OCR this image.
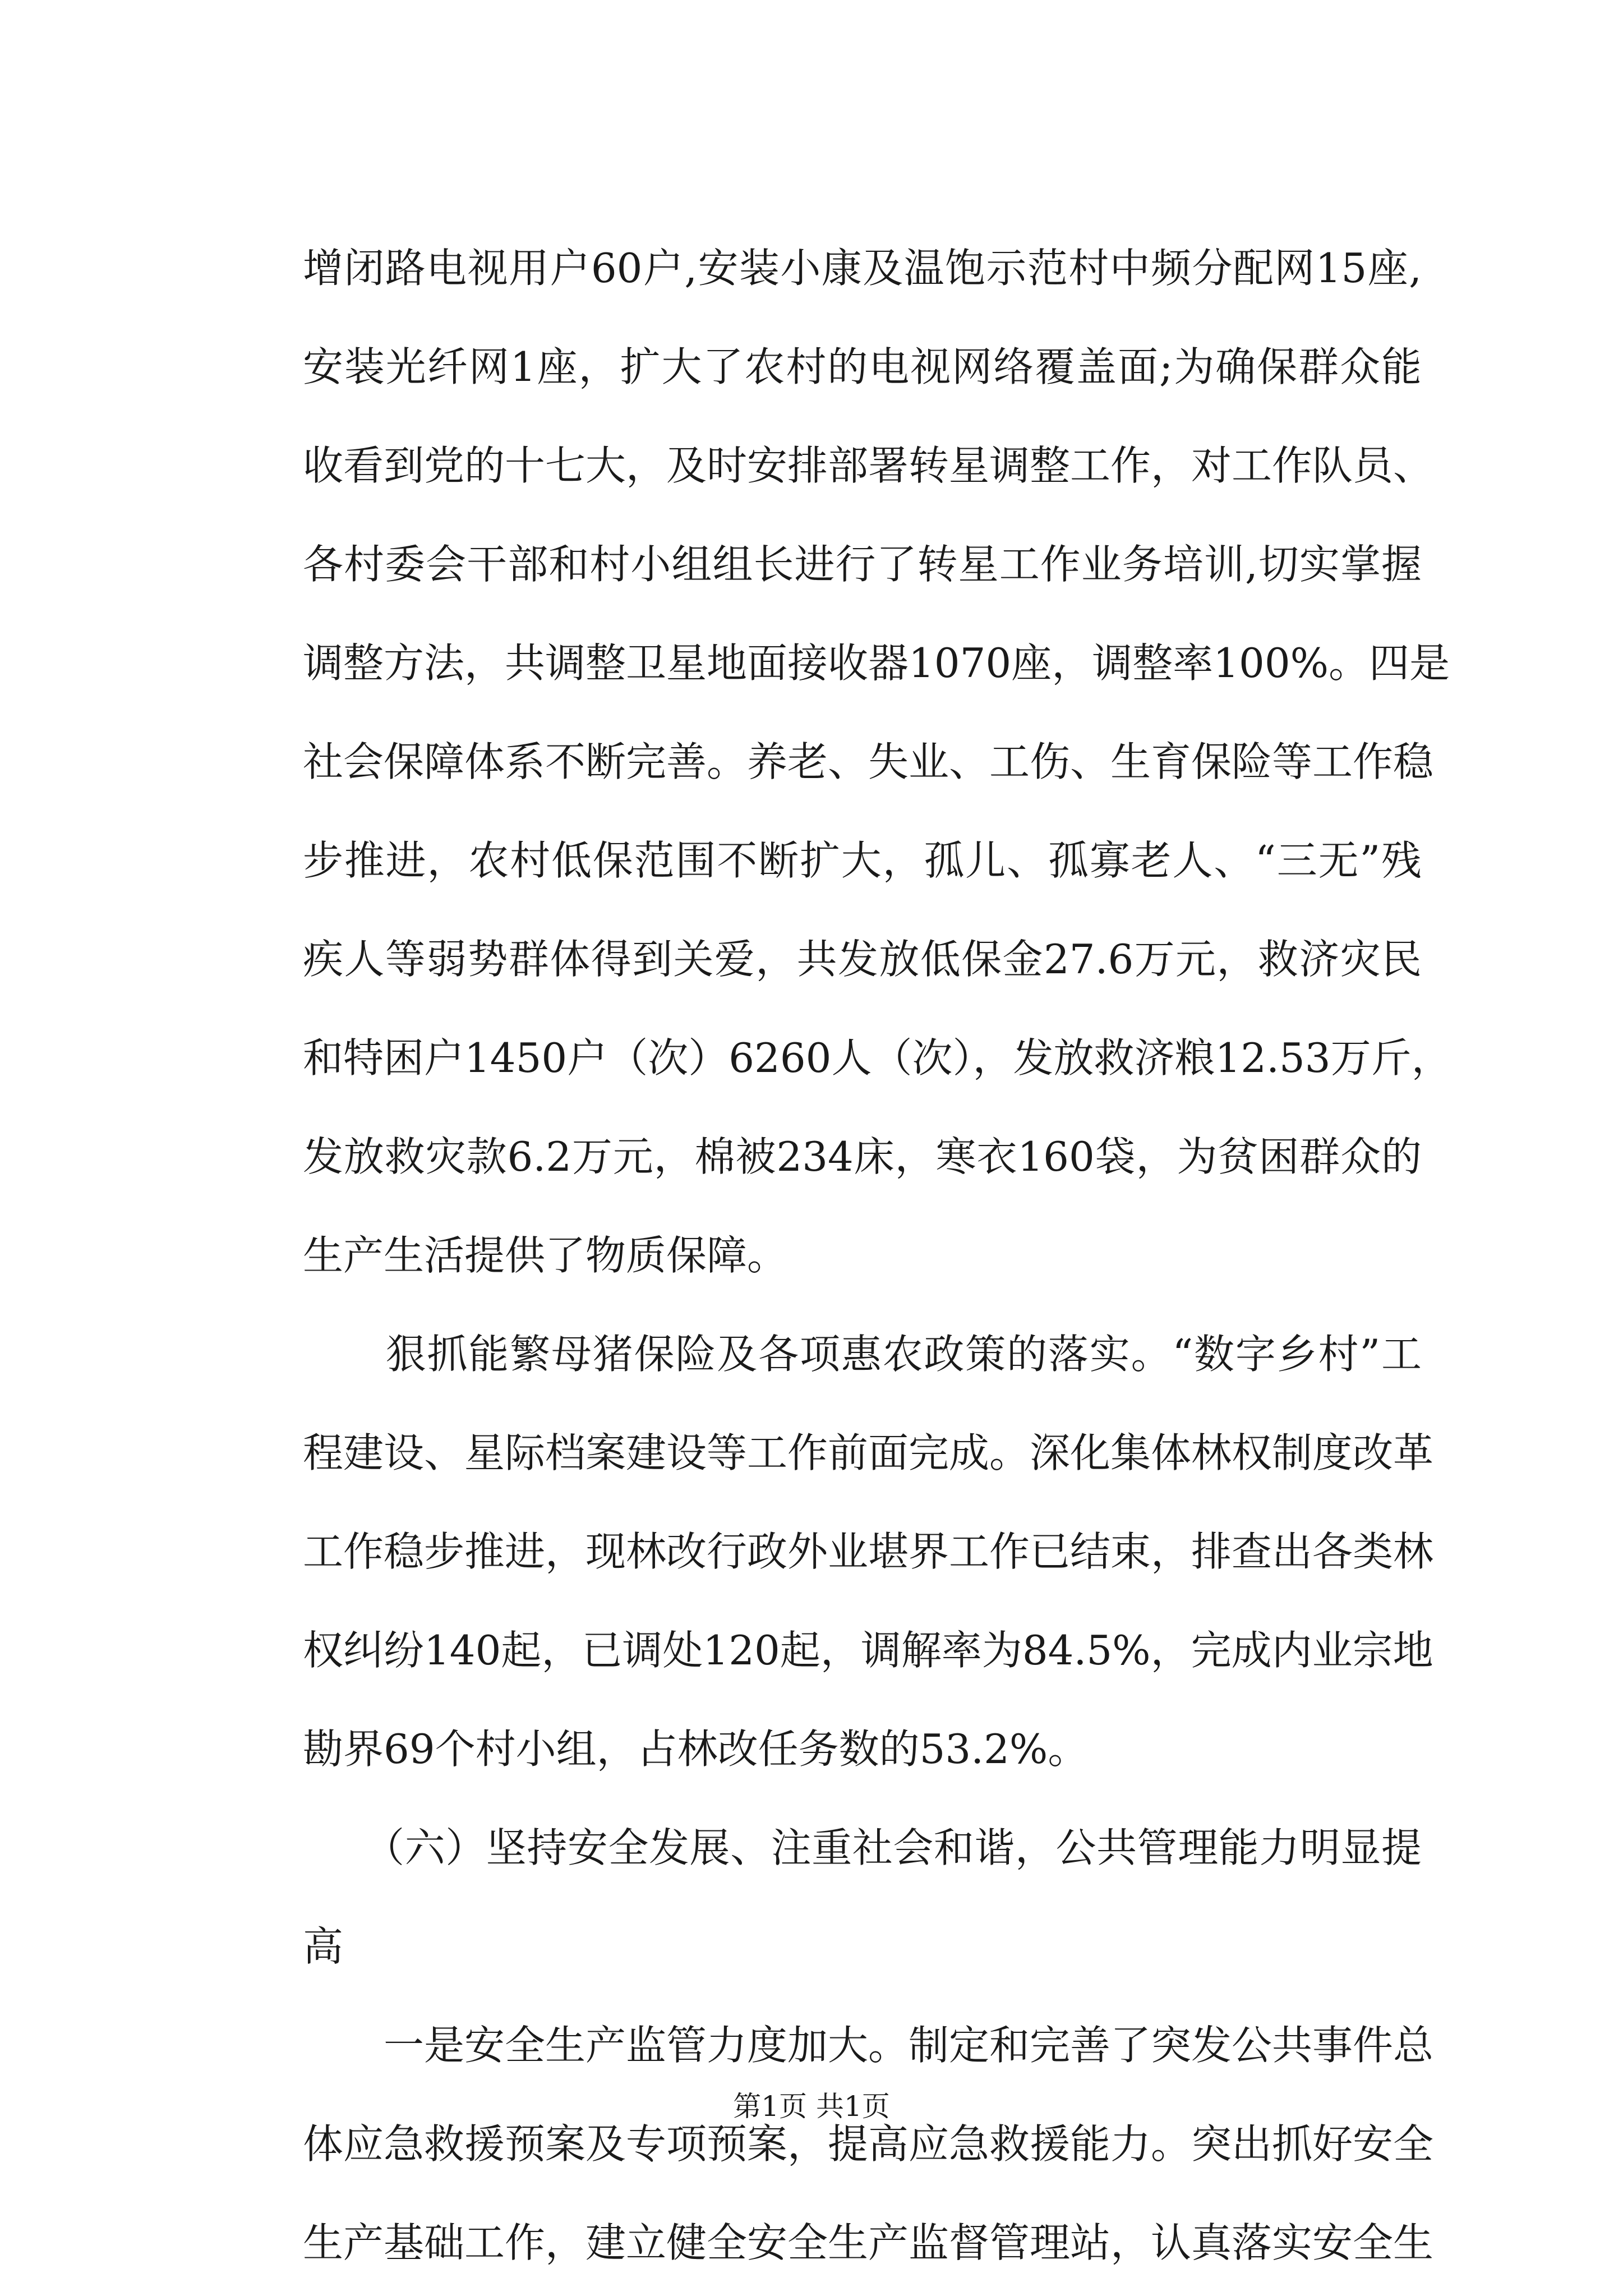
增闭路电视用户60户,安装小康及温饱示范村中频分配网15座,
安装光纤网1座，扩大了农村的电视网络覆盖面;为确保群众能
收看到党的十七大，及时安排部署转星调整工作，对工作队员、
各村委会干部和村小组组长进行了转星工作业务培训,切实掌握
调整方法，共调整卫星地面接收器1070座，调整率100%。四是
社会保障体系不断完善。养老、失业、工伤、生育保险等工作稳
步推进，农村低保范围不断扩大，孤儿、孤寡老人、“三无”残
疾人等弱势群体得到关爱，共发放低保金27.6万元，救济灾民
和特困户1450户（次）6260人（次），发放救济粮12.53万斤，
发放救灾款6.2万元，棉被234床，寒衣160袋，为贫困群众的
生产生活提供了物质保障。
　　狠抓能繁母猪保险及各项惠农政策的落实。“数字乡村”工
程建设、星际档案建设等工作前面完成。深化集体林权制度改革
工作稳步推进，现林改行政外业堪界工作已结束，排查出各类林
权纠纷140起，已调处120起，调解率为84.5%，完成内业宗地
勘界69个村小组，占林改任务数的53.2%。
　　（六）坚持安全发展、注重社会和谐，公共管理能力明显提
高
　　一是安全生产监管力度加大。制定和完善了突发公共事件总
体应急救援预案及专项预案，提高应急救援能力。突出抓好安全
生产基础工作，建立健全安全生产监督管理站，认真落实安全生
第1页 共1页
